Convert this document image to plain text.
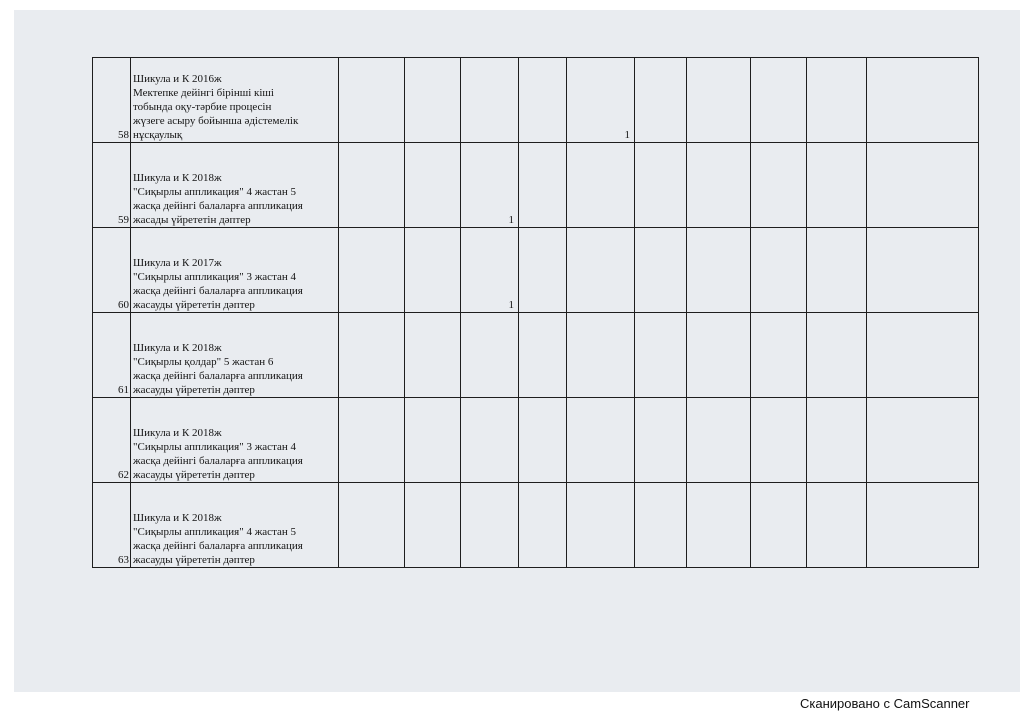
58	Шикула и К 2016ж
Мектепке дейінгі біріншi кіші
тобында оқу-тәрбие процесін
жүзеге асыру бойынша әдістемелік
нұсқаулық					1					
59	Шикула и К 2018ж
"Сиқырлы аппликация" 4 жастан 5
жасқа дейінгі балаларға аппликация
жасады үйрететін дәптер			1							
60	Шикула и К 2017ж
"Сиқырлы аппликация" 3 жастан 4
жасқа дейінгі балаларға аппликация
жасауды үйрететін дәптер			1							
61	Шикула и К 2018ж
"Сиқырлы қолдар" 5 жастан 6
жасқа дейінгі балаларға аппликация
жасауды үйрететін дәптер										

62	Шикула и К 2018ж
"Сиқырлы аппликация" 3 жастан 4
жасқа дейінгі балаларға аппликация
жасауды үйрететін дәптер										

63	Шикула и К 2018ж
"Сиқырлы аппликация" 4 жастан 5
жасқа дейінгі балаларға аппликация
жасауды үйрететін дәптер										

Сканировано с CamScanner
